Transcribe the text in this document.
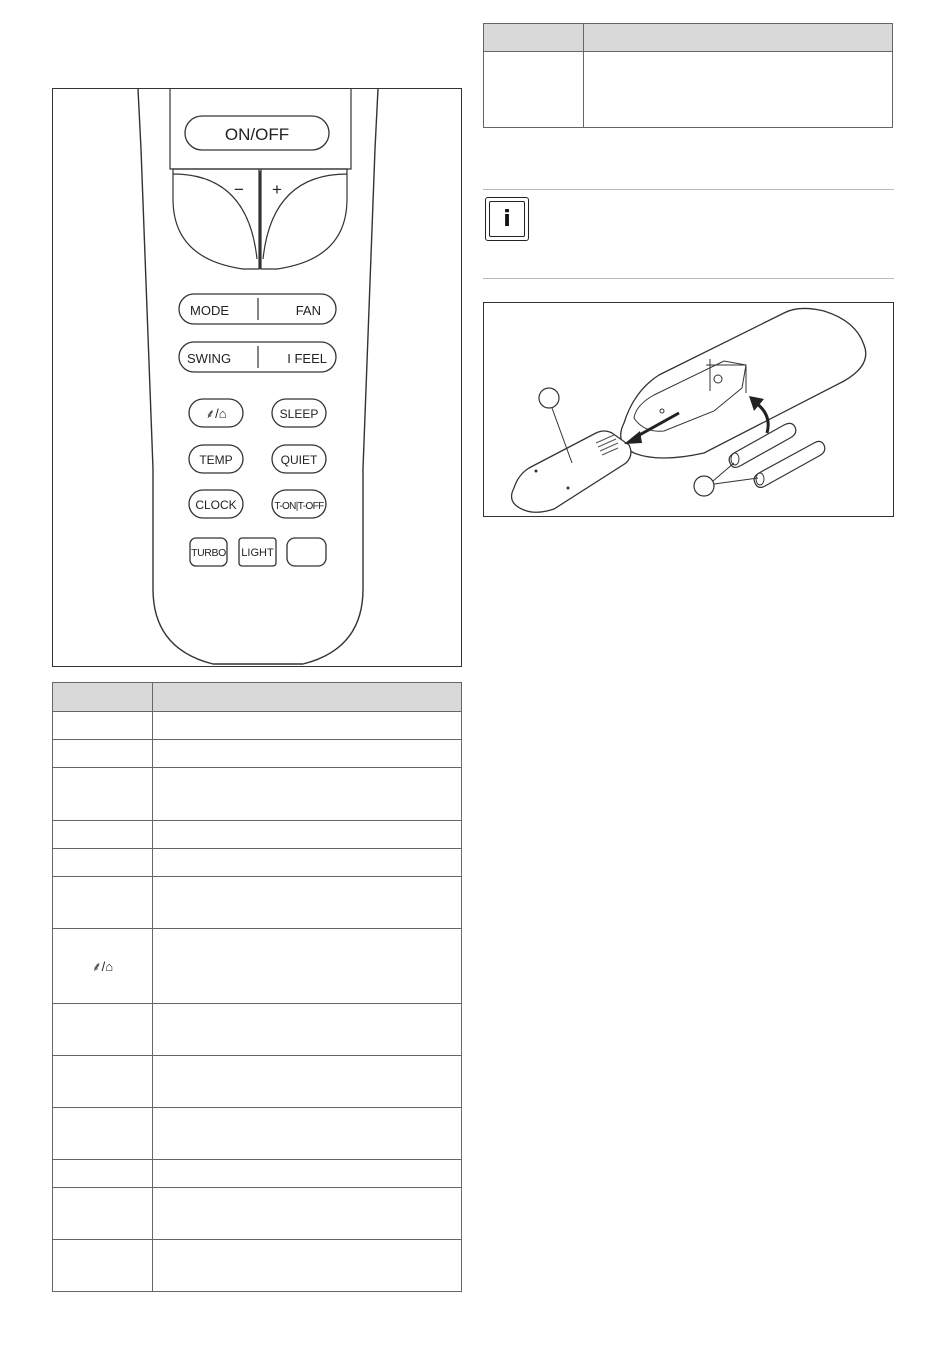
ON/OFF
− +
MODE	FAN
SWING	I FEEL
⸙/⌂	SLEEP
TEMP	QUIET
CLOCK	T-ON|T-OFF
TURBO LIGHT

⸙/⌂	

i
